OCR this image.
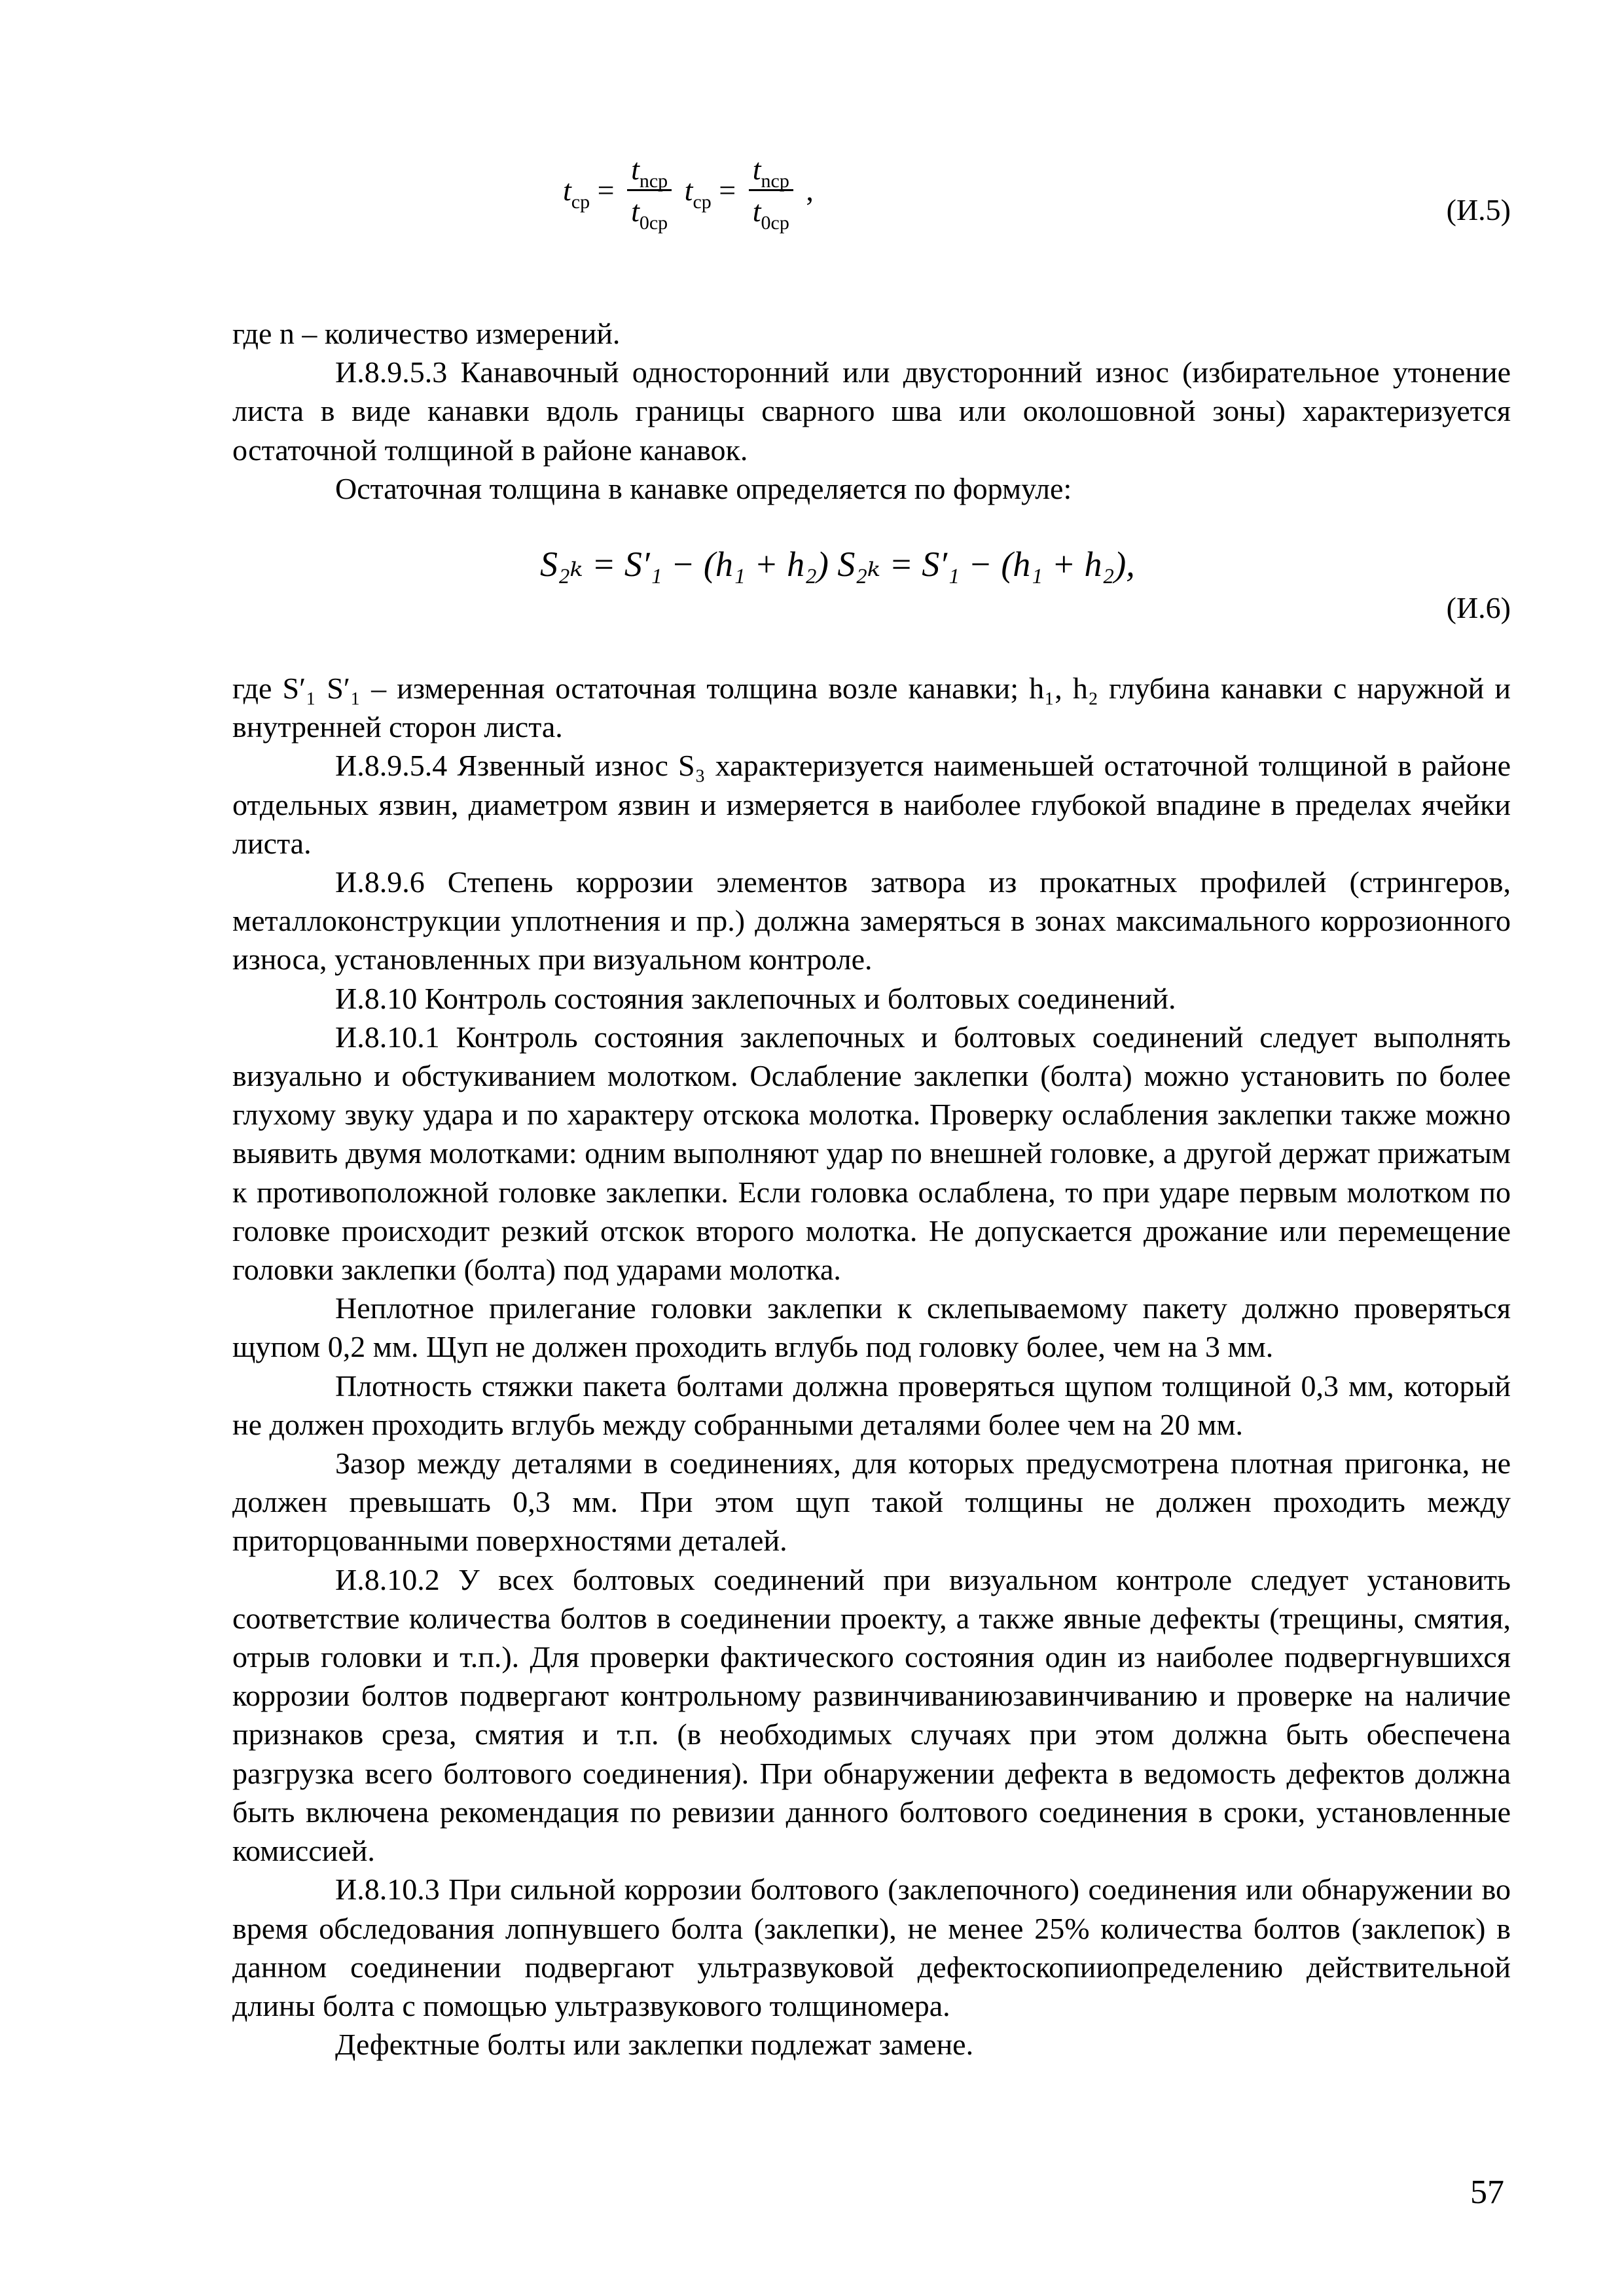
$t_{ср} = \frac{t_{nср}}{t_{0ср}} t_{ср} = \frac{t_{nср}}{t_{0ср}}$ ,
(И.5)

где n – количество измерений.

И.8.9.5.3 Канавочный односторонний или двусторонний износ (избирательное утонение листа в виде канавки вдоль границы сварного шва или околошовной зоны) характеризуется остаточной толщиной в районе канавок.

Остаточная толщина в канавке определяется по формуле:

S₂ₖ = S′₁ − (h₁ + h₂) S₂ₖ = S′₁ − (h₁ + h₂),
(И.6)

где S′₁ S′₁ – измеренная остаточная толщина возле канавки; h₁, h₂ глубина канавки с наружной и внутренней сторон листа.

И.8.9.5.4 Язвенный износ S₃ характеризуется наименьшей остаточной толщиной в районе отдельных язвин, диаметром язвин и измеряется в наиболее глубокой впадине в пределах ячейки листа.

И.8.9.6 Степень коррозии элементов затвора из прокатных профилей (стрингеров, металлоконструкции уплотнения и пр.) должна замеряться в зонах максимального коррозионного износа, установленных при визуальном контроле.

И.8.10 Контроль состояния заклепочных и болтовых соединений.

И.8.10.1 Контроль состояния заклепочных и болтовых соединений следует выполнять визуально и обстукиванием молотком. Ослабление заклепки (болта) можно установить по более глухому звуку удара и по характеру отскока молотка. Проверку ослабления заклепки также можно выявить двумя молотками: одним выполняют удар по внешней головке, а другой держат прижатым к противоположной головке заклепки. Если головка ослаблена, то при ударе первым молотком по головке происходит резкий отскок второго молотка. Не допускается дрожание или перемещение головки заклепки (болта) под ударами молотка.

Неплотное прилегание головки заклепки к склепываемому пакету должно проверяться щупом 0,2 мм. Щуп не должен проходить вглубь под головку более, чем на 3 мм.

Плотность стяжки пакета болтами должна проверяться щупом толщиной 0,3 мм, который не должен проходить вглубь между собранными деталями более чем на 20 мм.

Зазор между деталями в соединениях, для которых предусмотрена плотная пригонка, не должен превышать 0,3 мм. При этом щуп такой толщины не должен проходить между приторцованными поверхностями деталей.

И.8.10.2 У всех болтовых соединений при визуальном контроле следует установить соответствие количества болтов в соединении проекту, а также явные дефекты (трещины, смятия, отрыв головки и т.п.). Для проверки фактического состояния один из наиболее подвергнувшихся коррозии болтов подвергают контрольному развинчиваниюзавинчиванию и проверке на наличие признаков среза, смятия и т.п. (в необходимых случаях при этом должна быть обеспечена разгрузка всего болтового соединения). При обнаружении дефекта в ведомость дефектов должна быть включена рекомендация по ревизии данного болтового соединения в сроки, установленные комиссией.

И.8.10.3 При сильной коррозии болтового (заклепочного) соединения или обнаружении во время обследования лопнувшего болта (заклепки), не менее 25% количества болтов (заклепок) в данном соединении подвергают ультразвуковой дефектоскопииопределению действительной длины болта с помощью ультразвукового толщиномера.

Дефектные болты или заклепки подлежат замене.

57
